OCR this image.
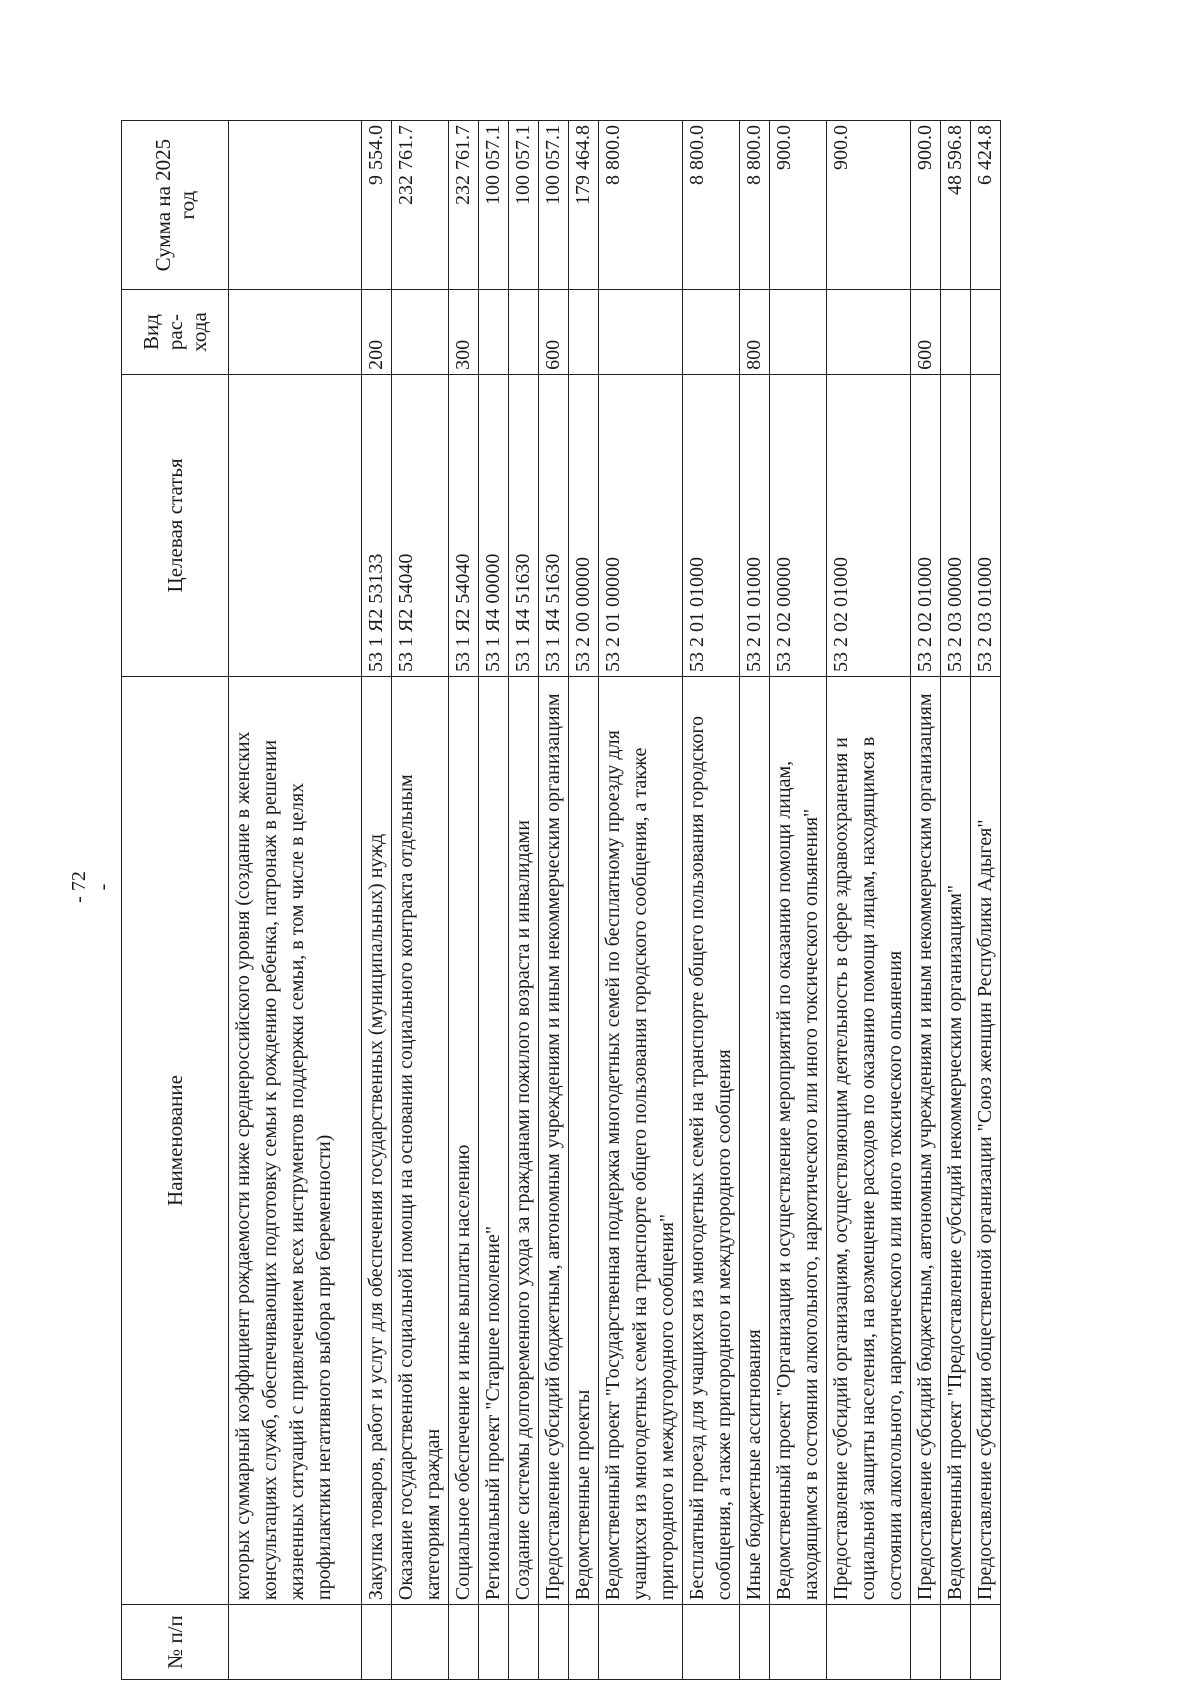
- 72 -
№ п/п	Наименование	Целевая статья	Вид рас-хода	Сумма на 2025 год
	которых суммарный коэффициент рождаемости ниже среднероссийского уровня (создание в женских консультациях служб, обеспечивающих подготовку семьи к рождению ребенка, патронаж в решении жизненных ситуаций с привлечением всех инструментов поддержки семьи, в том числе в целях профилактики негативного выбора при беременности)			
	Закупка товаров, работ и услуг для обеспечения государственных (муниципальных) нужд	53 1 Я2 53133	200	9 554.0
	Оказание государственной социальной помощи на основании социального контракта отдельным категориям граждан	53 1 Я2 54040		232 761.7
	Социальное обеспечение и иные выплаты населению	53 1 Я2 54040	300	232 761.7
	Региональный проект "Старшее поколение"	53 1 Я4 00000		100 057.1
	Создание системы долговременного ухода за гражданами пожилого возраста и инвалидами	53 1 Я4 51630		100 057.1
	Предоставление субсидий бюджетным, автономным учреждениям и иным некоммерческим организациям	53 1 Я4 51630	600	100 057.1
	Ведомственные проекты	53 2 00 00000		179 464.8
	Ведомственный проект "Государственная поддержка многодетных семей по бесплатному проезду для учащихся из многодетных семей на транспорте общего пользования городского сообщения, а также пригородного и междугородного сообщения"	53 2 01 00000		8 800.0
	Бесплатный проезд для учащихся из многодетных семей на транспорте общего пользования городского сообщения, а также пригородного и междугородного сообщения	53 2 01 01000		8 800.0
	Иные бюджетные ассигнования	53 2 01 01000	800	8 800.0
	Ведомственный проект "Организация и осуществление мероприятий по оказанию помощи лицам, находящимся в состоянии алкогольного, наркотического или иного токсического опьянения"	53 2 02 00000		900.0
	Предоставление субсидий организациям, осуществляющим деятельность в сфере здравоохранения и социальной защиты населения, на возмещение расходов по оказанию помощи лицам, находящимся в состоянии алкогольного, наркотического или иного токсического опьянения	53 2 02 01000		900.0
	Предоставление субсидий бюджетным, автономным учреждениям и иным некоммерческим организациям	53 2 02 01000	600	900.0
	Ведомственный проект "Предоставление субсидий некоммерческим организациям"	53 2 03 00000		48 596.8
	Предоставление субсидии общественной организации "Союз женщин Республики Адыгея"	53 2 03 01000		6 424.8
